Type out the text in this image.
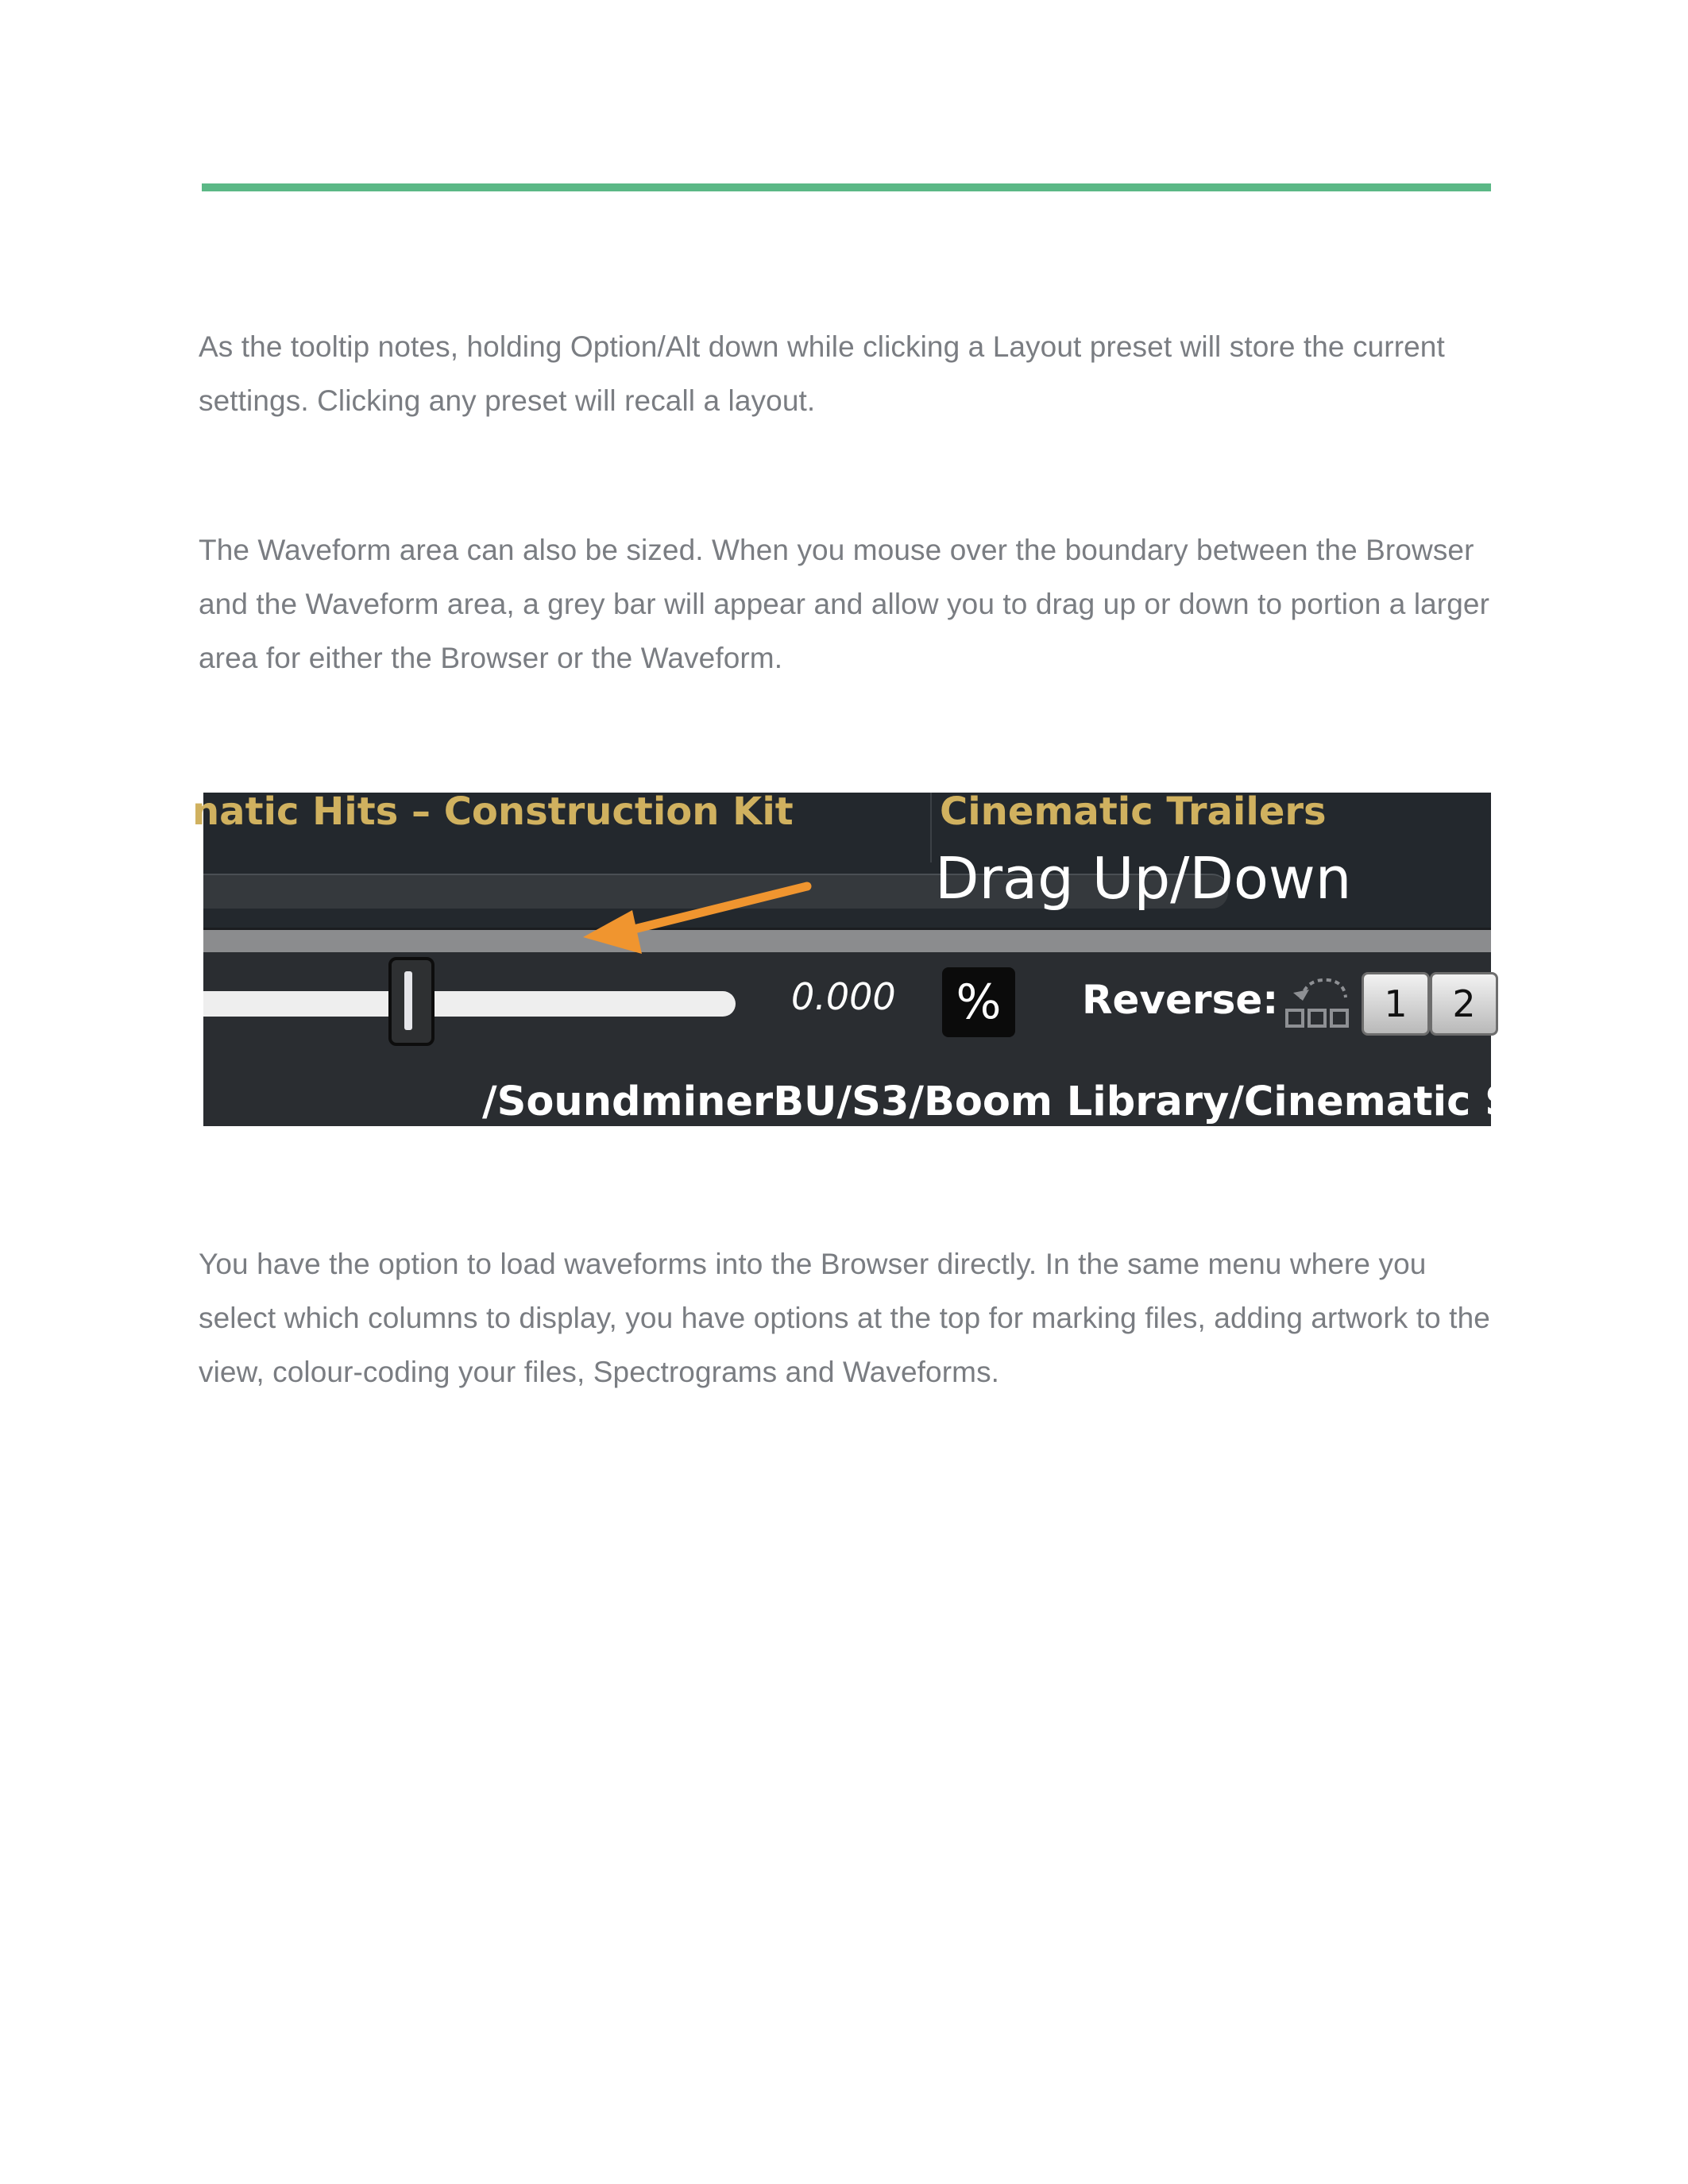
As the tooltip notes, holding Option/Alt down while clicking a Layout preset will store the current settings. Clicking any preset will recall a layout.

The Waveform area can also be sized. When you mouse over the boundary between the Browser and the Waveform area, a grey bar will appear and allow you to drag up or down to portion a larger area for either the Browser or the Waveform.

natic Hits – Construction Kit	Cinematic Trailers
Drag Up/Down
0.000 %	Reverse:	1	2
/SoundminerBU/S3/Boom Library/Cinematic Series

You have the option to load waveforms into the Browser directly. In the same menu where you select which columns to display, you have options at the top for marking files, adding artwork to the view, colour-coding your files, Spectrograms and Waveforms.
